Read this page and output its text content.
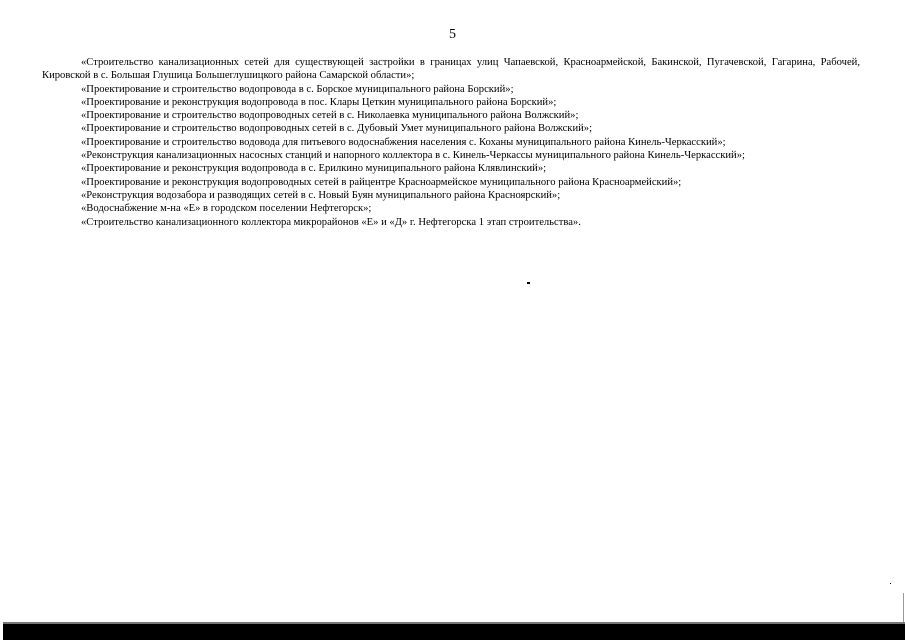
5

«Строительство канализационных сетей для существующей застройки в границах улиц Чапаевской, Красноармейской, Бакинской, Пугачевской, Гагарина, Рабочей, Кировской в с. Большая Глушица Большеглушицкого района Самарской области»;

«Проектирование и строительство водопровода в с. Борское муниципального района Борский»;

«Проектирование и реконструкция водопровода в пос. Клары Цеткин муниципального района Борский»;

«Проектирование и строительство водопроводных сетей в с. Николаевка муниципального района Волжский»;

«Проектирование и строительство водопроводных сетей в с. Дубовый Умет муниципального района Волжский»;

«Проектирование и строительство водовода для питьевого водоснабжения населения с. Коханы муниципального района Кинель-Черкасский»;

«Реконструкция канализационных насосных станций и напорного коллектора в с. Кинель-Черкассы муниципального района Кинель-Черкасский»;

«Проектирование и реконструкция водопровода в с. Ерилкино муниципального района Клявлинский»;

«Проектирование и реконструкция водопроводных сетей в райцентре Красноармейское муниципального района Красноармейский»;

«Реконструкция водозабора и разводящих сетей в с. Новый Буян муниципального района Красноярский»;

«Водоснабжение м-на «Е» в городском поселении Нефтегорск»;

«Строительство канализационного коллектора микрорайонов «Е» и «Д» г. Нефтегорска 1 этап строительства».
